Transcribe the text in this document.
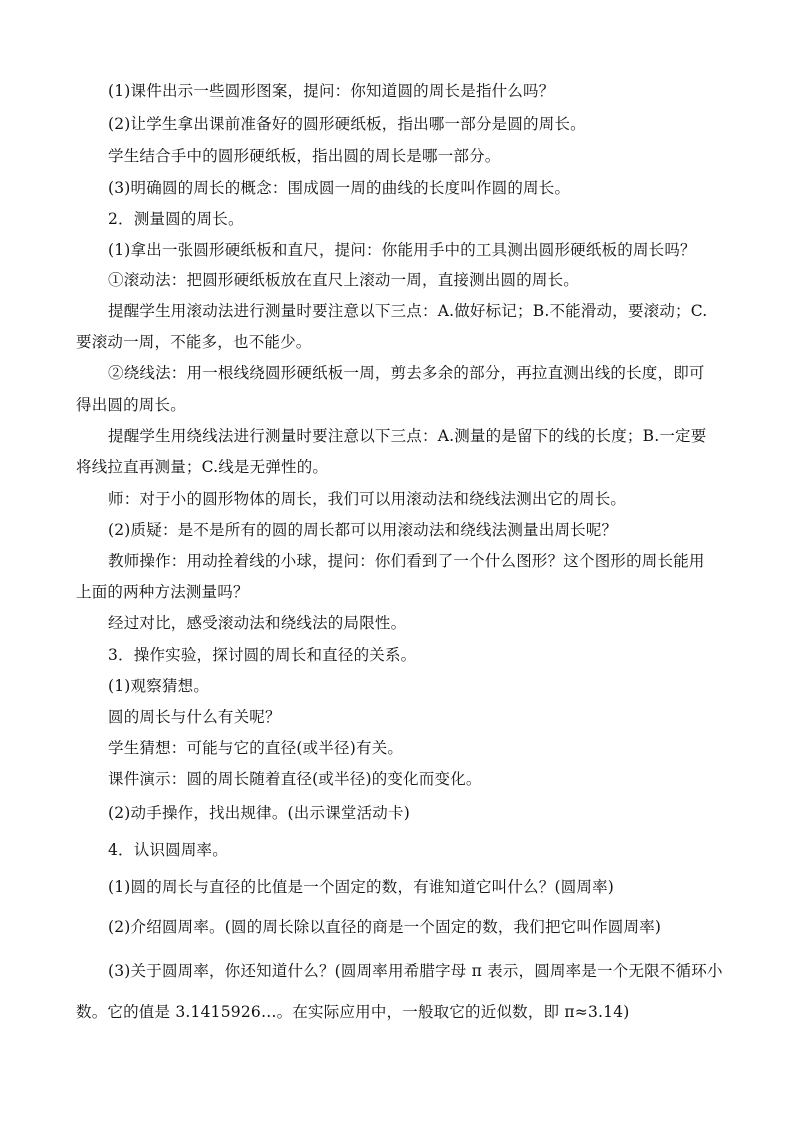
(1)课件出示一些圆形图案，提问：你知道圆的周长是指什么吗？
(2)让学生拿出课前准备好的圆形硬纸板，指出哪一部分是圆的周长。
学生结合手中的圆形硬纸板，指出圆的周长是哪一部分。
(3)明确圆的周长的概念：围成圆一周的曲线的长度叫作圆的周长。
2．测量圆的周长。
(1)拿出一张圆形硬纸板和直尺，提问：你能用手中的工具测出圆形硬纸板的周长吗？
①滚动法：把圆形硬纸板放在直尺上滚动一周，直接测出圆的周长。
提醒学生用滚动法进行测量时要注意以下三点：A.做好标记；B.不能滑动，要滚动；C.
要滚动一周，不能多，也不能少。
②绕线法：用一根线绕圆形硬纸板一周，剪去多余的部分，再拉直测出线的长度，即可
得出圆的周长。
提醒学生用绕线法进行测量时要注意以下三点：A.测量的是留下的线的长度；B.一定要
将线拉直再测量；C.线是无弹性的。
师：对于小的圆形物体的周长，我们可以用滚动法和绕线法测出它的周长。
(2)质疑：是不是所有的圆的周长都可以用滚动法和绕线法测量出周长呢？
教师操作：用动拴着线的小球，提问：你们看到了一个什么图形？这个图形的周长能用
上面的两种方法测量吗？
经过对比，感受滚动法和绕线法的局限性。
3．操作实验，探讨圆的周长和直径的关系。
(1)观察猜想。
圆的周长与什么有关呢？
学生猜想：可能与它的直径(或半径)有关。
课件演示：圆的周长随着直径(或半径)的变化而变化。
(2)动手操作，找出规律。(出示课堂活动卡)
4．认识圆周率。
(1)圆的周长与直径的比值是一个固定的数，有谁知道它叫什么？(圆周率)
(2)介绍圆周率。(圆的周长除以直径的商是一个固定的数，我们把它叫作圆周率)
(3)关于圆周率，你还知道什么？(圆周率用希腊字母 π 表示，圆周率是一个无限不循环小
数。它的值是 3.1415926…。在实际应用中，一般取它的近似数，即 π≈3.14)
